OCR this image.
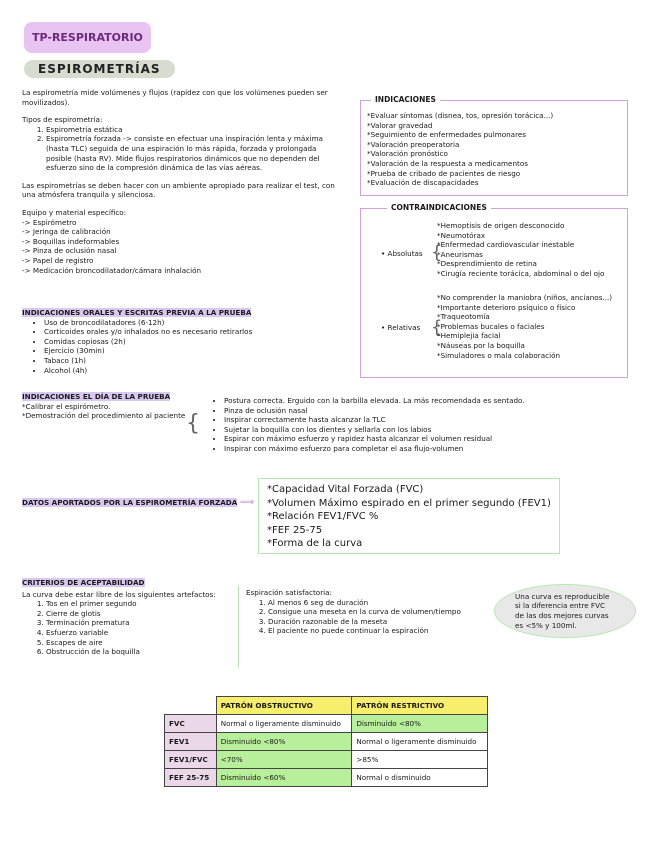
TP-RESPIRATORIO
ESPIROMETRÍAS
La espirometría mide volúmenes y flujos (rapidez con que los volúmenes pueden ser movilizados).
Tipos de espirometría:
1. Espirometría estática
2. Espirometría forzada -> consiste en efectuar una inspiración lenta y máxima (hasta TLC) seguida de una espiración lo más rápida, forzada y prolongada posible (hasta RV). Mide flujos respiratorios dinámicos que no dependen del esfuerzo sino de la compresión dinámica de las vías aéreas.
Las espirometrías se deben hacer con un ambiente apropiado para realizar el test, con una atmósfera tranquila y silenciosa.
Equipo y material específico:
-> Espirómetro
-> Jeringa de calibración
-> Boquillas indeformables
-> Pinza de oclusión nasal
-> Papel de registro
-> Medicación broncodilatador/cámara inhalación
INDICACIONES
*Evaluar síntomas (disnea, tos, opresión torácica...)
*Valorar gravedad
*Seguimiento de enfermedades pulmonares
*Valoración preoperatoria
*Valoración pronóstico
*Valoración de la respuesta a medicamentos
*Prueba de cribado de pacientes de riesgo
*Evaluación de discapacidades
CONTRAINDICACIONES
• Absolutas {
*Hemoptisis de origen desconocido
*Neumotórax
*Enfermedad cardiovascular inestable
*Aneurismas
*Desprendimiento de retina
*Cirugía reciente torácica, abdominal o del ojo
• Relativas {
*No comprender la maniobra (niños, ancianos...)
*Importante deterioro psíquico o físico
*Traqueotomía
*Problemas bucales o faciales
*Hemiplejia facial
*Náuseas por la boquilla
*Simuladores o mala colaboración
INDICACIONES ORALES Y ESCRITAS PREVIA A LA PRUEBA
• Uso de broncodilatadores (6-12h)
• Corticoides orales y/o inhalados no es necesario retirarlos
• Comidas copiosas (2h)
• Ejercicio (30min)
• Tabaco (1h)
• Alcohol (4h)
INDICACIONES EL DÍA DE LA PRUEBA
*Calibrar el espirómetro.
*Demostración del procedimiento al paciente {
• Postura correcta. Erguido con la barbilla elevada. La más recomendada es sentado.
• Pinza de oclusión nasal
• Inspirar correctamente hasta alcanzar la TLC
• Sujetar la boquilla con los dientes y sellarla con los labios
• Espirar con máximo esfuerzo y rapidez hasta alcanzar el volumen residual
• Inspirar con máximo esfuerzo para completar el asa flujo-volumen
DATOS APORTADOS POR LA ESPIROMETRÍA FORZADA ⟹
*Capacidad Vital Forzada (FVC)
*Volumen Máximo espirado en el primer segundo (FEV1)
*Relación FEV1/FVC %
*FEF 25-75
*Forma de la curva
CRITERIOS DE ACEPTABILIDAD
La curva debe estar libre de los siguientes artefactos:
1. Tos en el primer segundo
2. Cierre de glotis
3. Terminación prematura
4. Esfuerzo variable
5. Escapes de aire
6. Obstrucción de la boquilla
Espiración satisfactoria:
1. Al menos 6 seg de duración
2. Consigue una meseta en la curva de volumen/tiempo
3. Duración razonable de la meseta
4. El paciente no puede continuar la espiración
Una curva es reproducible si la diferencia entre FVC de las dos mejores curvas es <5% y 100ml.
	PATRÓN OBSTRUCTIVO	PATRÓN RESTRICTIVO
FVC	Normal o ligeramente disminuido	Disminuido <80%
FEV1	Disminuido <80%	Normal o ligeramente disminuido
FEV1/FVC	<70%	>85%
FEF 25-75	Disminuido <60%	Normal o disminuido
